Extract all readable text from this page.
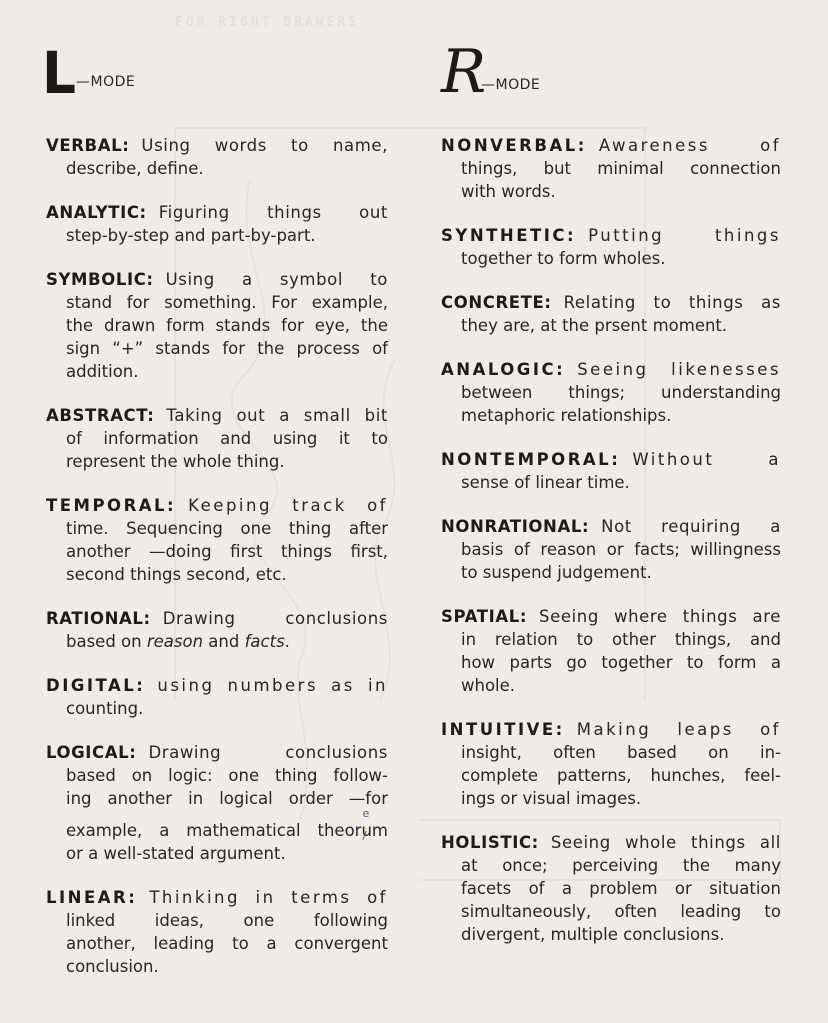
FOR RIGHT DRAWERS
L —MODE
VERBAL: Using words to name,
describe, define.
ANALYTIC: Figuring things out
step-by-step and part-by-part.
SYMBOLIC: Using a symbol to
stand for something. For example,
the drawn form stands for eye, the
sign “+” stands for the process of
addition.
ABSTRACT: Taking out a small bit
of information and using it to
represent the whole thing.
TEMPORAL: Keeping track of
time. Sequencing one thing after
another —doing first things first,
second things second, etc.
RATIONAL: Drawing conclusions
based on reason and facts.
DIGITAL: using numbers as in
counting.
LOGICAL: Drawing conclusions
based on logic: one thing follow-
ing another in logical order —for
example, a mathematical theor
e
u
m
or a well-stated argument.
LINEAR: Thinking in terms of
linked ideas, one following
another, leading to a convergent
conclusion.
R
—MODE
NONVERBAL: Awareness of
things, but minimal connection
with words.
SYNTHETIC: Putting things
together to form wholes.
CONCRETE: Relating to things as
they are, at the prsent moment.
ANALOGIC: Seeing likenesses
between things; understanding
metaphoric relationships.
NONTEMPORAL: Without a
sense of linear time.
NONRATIONAL: Not requiring a
basis of reason or facts; willingness
to suspend judgement.
SPATIAL: Seeing where things are
in relation to other things, and
how parts go together to form a
whole.
INTUITIVE: Making leaps of
insight, often based on in-
complete patterns, hunches, feel-
ings or visual images.
HOLISTIC: Seeing whole things all
at once; perceiving the many
facets of a problem or situation
simultaneously, often leading to
divergent, multiple conclusions.
